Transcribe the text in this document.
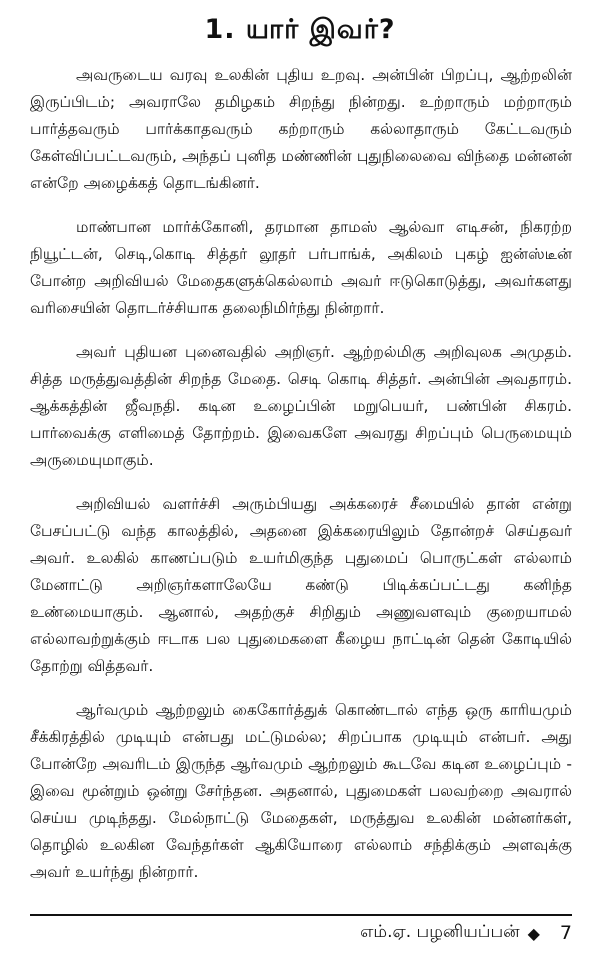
1. யார் இவர்?

அவருடைய வரவு உலகின் புதிய உறவு. அன்பின் பிறப்பு, ஆற்றலின் இருப்பிடம்; அவராலே தமிழகம் சிறந்து நின்றது. உற்றாரும் மற்றாரும் பார்த்தவரும் பார்க்காதவரும் கற்றாரும் கல்லாதாரும் கேட்டவரும் கேள்விப்பட்டவரும், அந்தப் புனித மண்ணின் புதுநிலைவை விந்தை மன்னன் என்றே அழைக்கத் தொடங்கினர்.

மாண்பான மார்க்கோனி, தரமான தாமஸ் ஆல்வா எடிசன், நிகரற்ற நியூட்டன், செடி,கொடி சித்தர் லூதர் பர்பாங்க், அகிலம் புகழ் ஐன்ஸ்டீன் போன்ற அறிவியல் மேதைகளுக்கெல்லாம் அவர் ஈடுகொடுத்து, அவர்களது வரிசையின் தொடர்ச்சியாக தலைநிமிர்ந்து நின்றார்.

அவர் புதியன புனைவதில் அறிஞர். ஆற்றல்மிகு அறிவுலக அமுதம். சித்த மருத்துவத்தின் சிறந்த மேதை. செடி கொடி சித்தர். அன்பின் அவதாரம். ஆக்கத்தின் ஜீவநதி. கடின உழைப்பின் மறுபெயர், பண்பின் சிகரம். பார்வைக்கு எளிமைத் தோற்றம். இவைகளே அவரது சிறப்பும் பெருமையும் அருமையுமாகும்.

அறிவியல் வளர்ச்சி அரும்பியது அக்கரைச் சீமையில் தான் என்று பேசப்பட்டு வந்த காலத்தில், அதனை இக்கரையிலும் தோன்றச் செய்தவர் அவர். உலகில் காணப்படும் உயர்மிகுந்த புதுமைப் பொருட்கள் எல்லாம் மேனாட்டு அறிஞர்களாலேயே கண்டு பிடிக்கப்பட்டது கனிந்த உண்மையாகும். ஆனால், அதற்குச் சிறிதும் அணுவளவும் குறையாமல் எல்லாவற்றுக்கும் ஈடாக பல புதுமைகளை கீழைய நாட்டின் தென் கோடியில் தோற்று வித்தவர்.

ஆர்வமும் ஆற்றலும் கைகோர்த்துக் கொண்டால் எந்த ஒரு காரியமும் சீக்கிரத்தில் முடியும் என்பது மட்டுமல்ல; சிறப்பாக முடியும் என்பர். அது போன்றே அவரிடம் இருந்த ஆர்வமும் ஆற்றலும் கூடவே கடின உழைப்பும் - இவை மூன்றும் ஒன்று சேர்ந்தன. அதனால், புதுமைகள் பலவற்றை அவரால் செய்ய முடிந்தது. மேல்நாட்டு மேதைகள், மருத்துவ உலகின் மன்னர்கள், தொழில் உலகின வேந்தர்கள் ஆகியோரை எல்லாம் சந்திக்கும் அளவுக்கு அவர் உயர்ந்து நின்றார்.

எம்.ஏ. பழனியப்பன் ◆ 7
